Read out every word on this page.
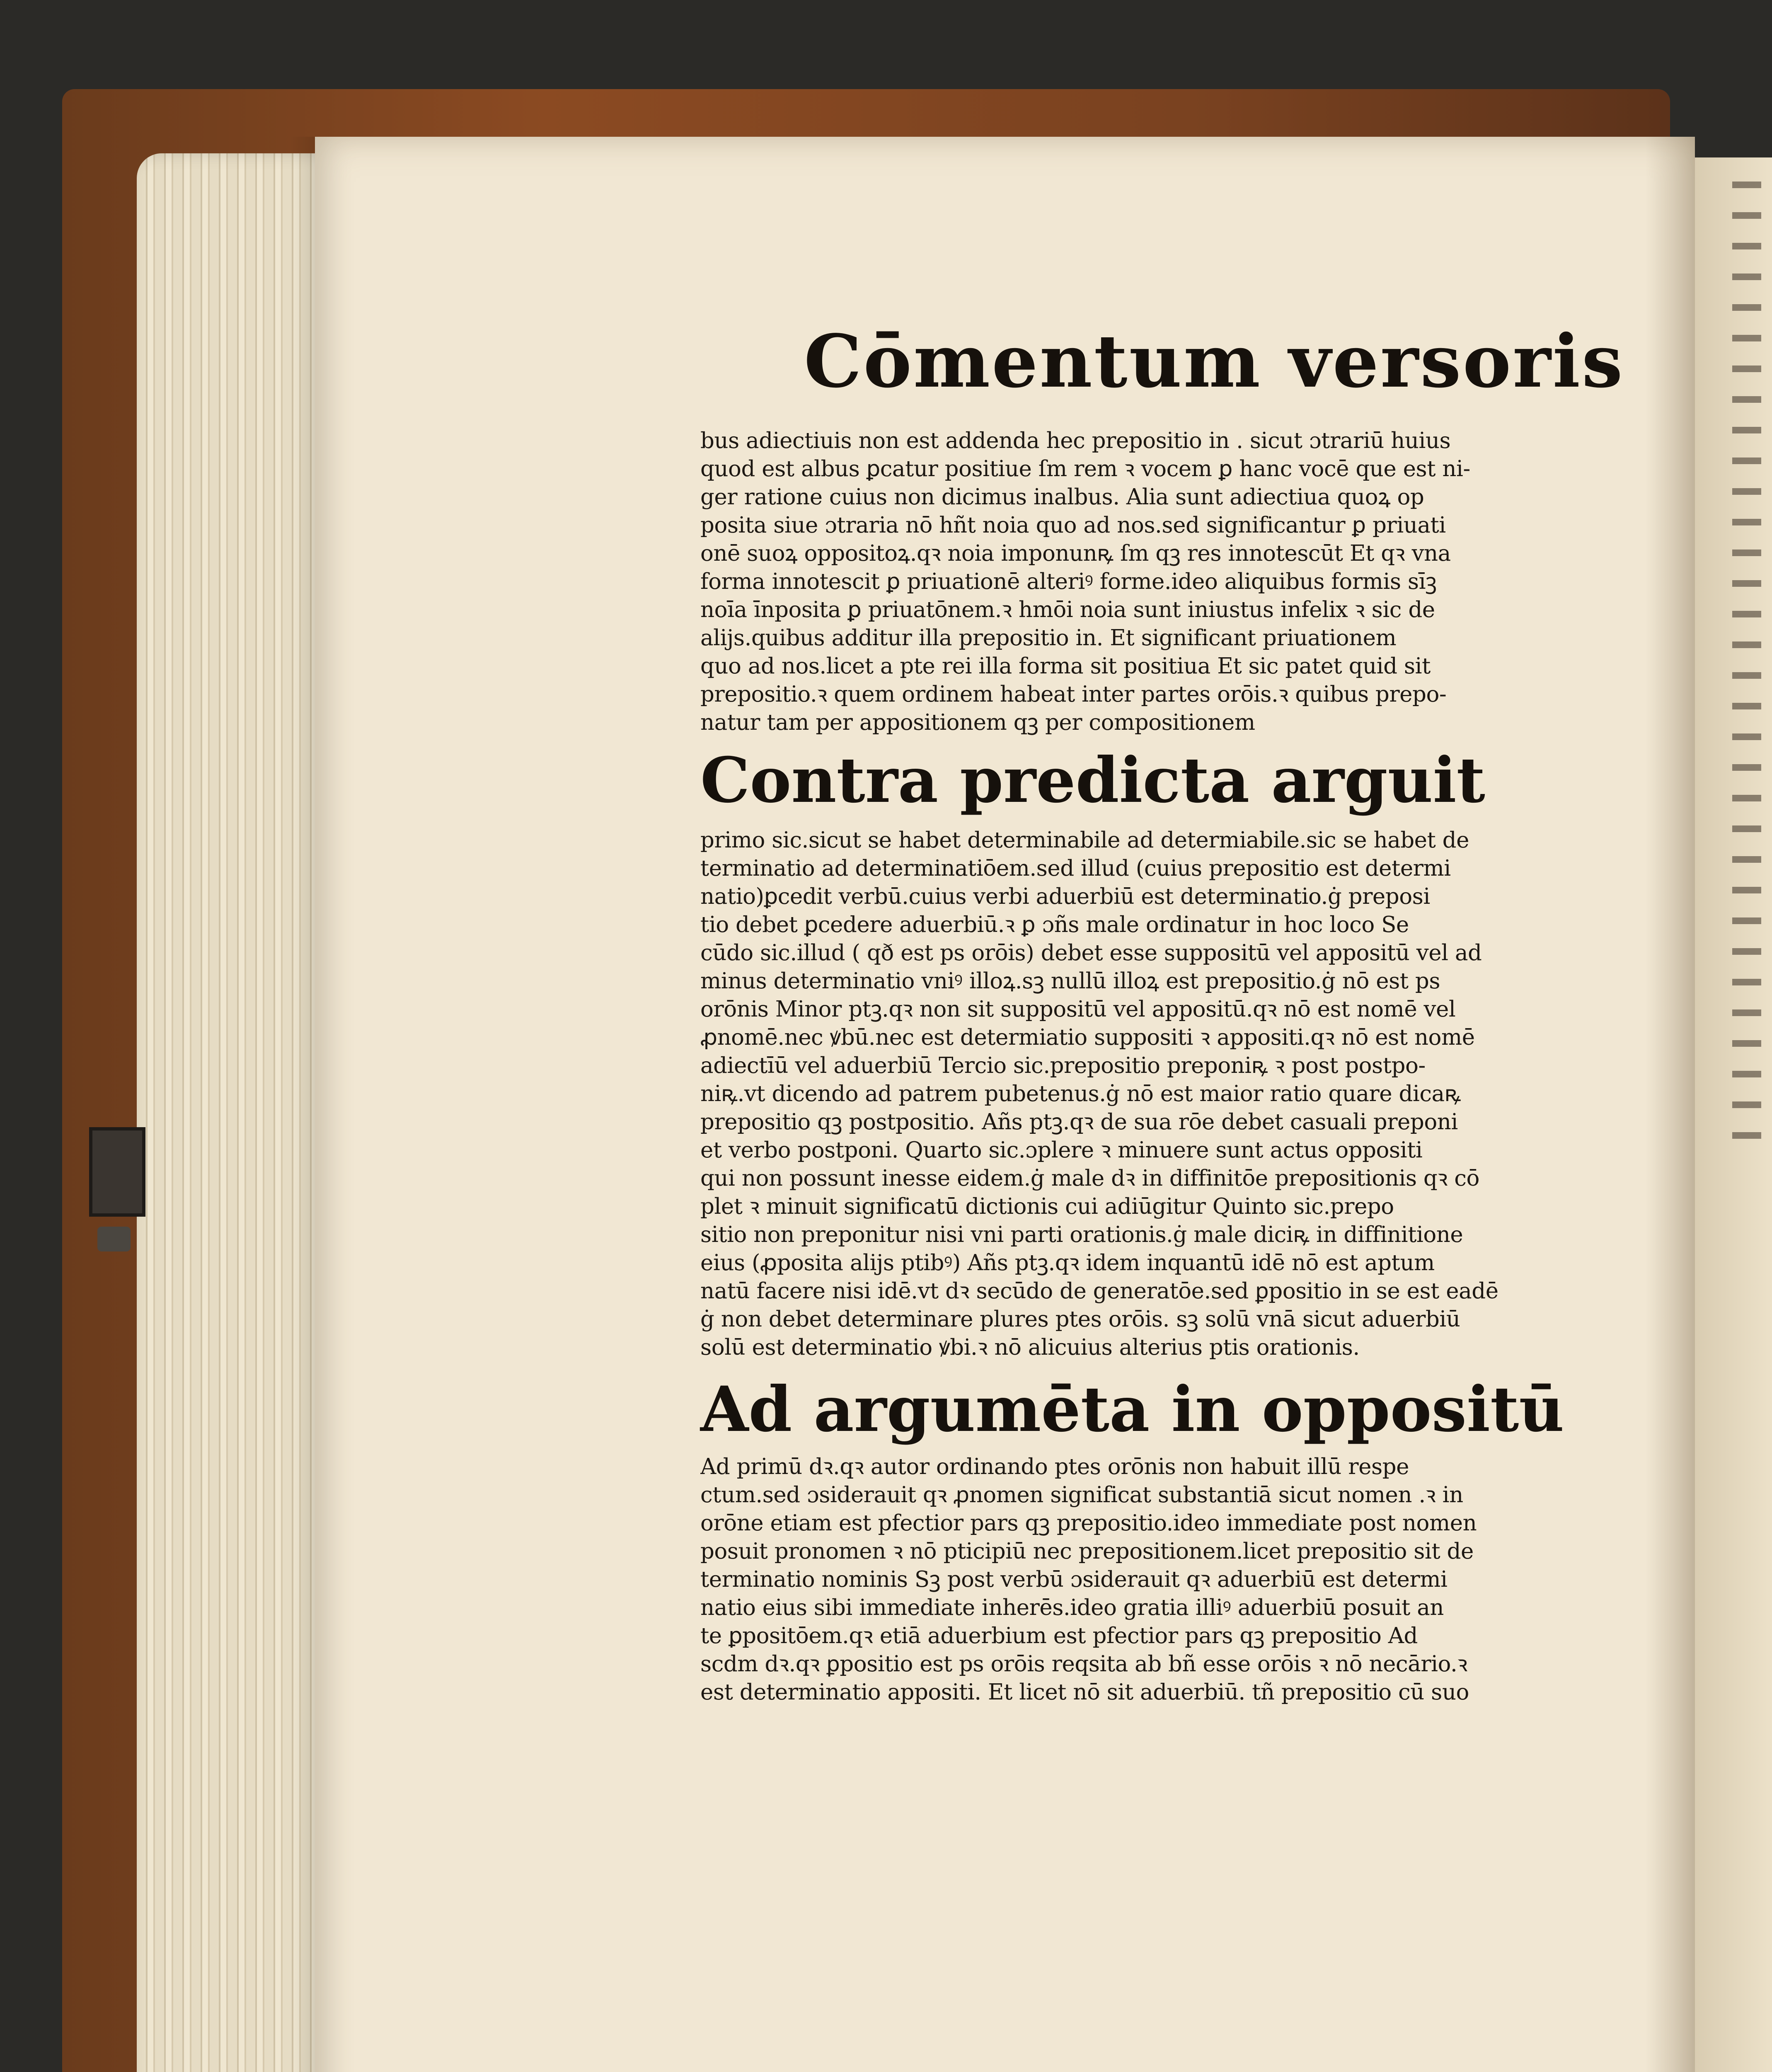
Cōmentum versoris
bus adiectiuis non est addenda hec prepositio in . sicut ɔtrariū huius
quod est albus ꝑcatur positiue ſm rem ꝛ vocem ꝑ hanc vocē que est ni-
ger ratione cuius non dicimus inalbus. Alia sunt adiectiua quoꝝ op
posita siue ɔtraria nō hñt noia quo ad nos.sed significantur ꝑ priuati
onē suoꝝ oppositoꝝ.qꝛ noia imponunꝶ ſm qꝫ res innotescūt Et qꝛ vna
forma innotescit ꝑ priuationē alteriꝰ forme.ideo aliquibus formis sīꝫ
noīa īnposita ꝑ priuatōnem.ꝛ hmōi noia sunt iniustus infelix ꝛ sic de
alijs.quibus additur illa prepositio in. Et significant priuationem
quo ad nos.licet a pte rei illa forma sit positiua Et sic patet quid sit
prepositio.ꝛ quem ordinem habeat inter partes orōis.ꝛ quibus prepo-
natur tam per appositionem qꝫ per compositionem
Contra predicta arguit
primo sic.sicut se habet determinabile ad determiabile.sic se habet de
terminatio ad determinatiōem.sed illud (cuius prepositio est determi
natio)ꝑcedit verbū.cuius verbi aduerbiū est determinatio.ġ preposi
tio debet ꝑcedere aduerbiū.ꝛ ꝑ ɔñs male ordinatur in hoc loco Se
cūdo sic.illud ( qð est ps orōis) debet esse suppositū vel appositū vel ad
minus determinatio vniꝰ illoꝝ.sꝫ nullū illoꝝ est prepositio.ġ nō est ps
orōnis Minor ptꝫ.qꝛ non sit suppositū vel appositū.qꝛ nō est nomē vel
ꝓnomē.nec ꝟbū.nec est determiatio suppositi ꝛ appositi.qꝛ nō est nomē
adiectīū vel aduerbiū Tercio sic.prepositio preponiꝶ ꝛ post postpo-
niꝶ.vt dicendo ad patrem pubetenus.ġ nō est maior ratio quare dicaꝶ
prepositio qꝫ postpositio. Añs ptꝫ.qꝛ de sua rōe debet casuali preponi
et verbo postponi. Quarto sic.ɔplere ꝛ minuere sunt actus oppositi
qui non possunt inesse eidem.ġ male dꝛ in diffinitōe prepositionis qꝛ cō
plet ꝛ minuit significatū dictionis cui adiūgitur Quinto sic.prepo
sitio non preponitur nisi vni parti orationis.ġ male diciꝶ in diffinitione
eius (ꝓposita alijs ptibꝰ) Añs ptꝫ.qꝛ idem inquantū idē nō est aptum
natū facere nisi idē.vt dꝛ secūdo de generatōe.sed ꝑpositio in se est eadē
ġ non debet determinare plures ptes orōis. sꝫ solū vnā sicut aduerbiū
solū est determinatio ꝟbi.ꝛ nō alicuius alterius ptis orationis.
Ad argumēta in oppositū
Ad primū dꝛ.qꝛ autor ordinando ptes orōnis non habuit illū respe
ctum.sed ɔsiderauit qꝛ ꝓnomen significat substantiā sicut nomen .ꝛ in
orōne etiam est pfectior pars qꝫ prepositio.ideo immediate post nomen
posuit pronomen ꝛ nō pticipiū nec prepositionem.licet prepositio sit de
terminatio nominis Sꝫ post verbū ɔsiderauit qꝛ aduerbiū est determi
natio eius sibi immediate inherēs.ideo gratia illiꝰ aduerbiū posuit an
te ꝑpositōem.qꝛ etiā aduerbium est pfectior pars qꝫ prepositio Ad
scdm dꝛ.qꝛ ꝑpositio est ps orōis reqsita ab bñ esse orōis ꝛ nō necārio.ꝛ
est determinatio appositi. Et licet nō sit aduerbiū. tñ prepositio cū suo
